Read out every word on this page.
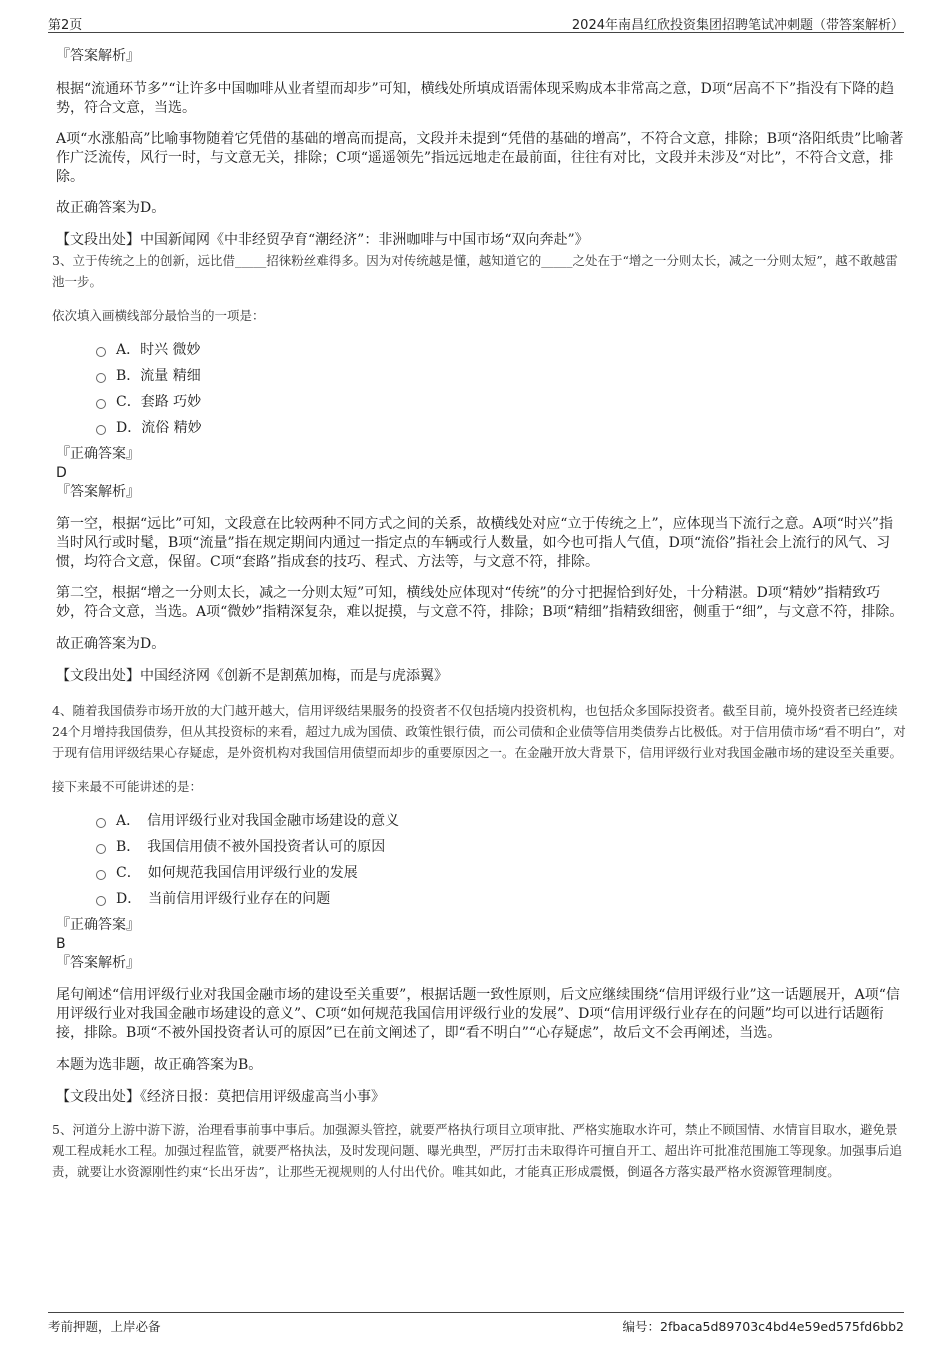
第2页	2024年南昌红欣投资集团招聘笔试冲刺题（带答案解析）

『答案解析』

根据“流通环节多”“让许多中国咖啡从业者望而却步”可知，横线处所填成语需体现采购成本非常高之意，D项“居高不下”指没有下降的趋势，符合文意，当选。

A项“水涨船高”比喻事物随着它凭借的基础的增高而提高，文段并未提到“凭借的基础的增高”，不符合文意，排除；B项“洛阳纸贵”比喻著作广泛流传，风行一时，与文意无关，排除；C项“遥遥领先”指远远地走在最前面，往往有对比，文段并未涉及“对比”，不符合文意，排除。

故正确答案为D。

【文段出处】中国新闻网《中非经贸孕育“潮经济”：非洲咖啡与中国市场“双向奔赴”》

3、立于传统之上的创新，远比借_____招徕粉丝难得多。因为对传统越是懂，越知道它的_____之处在于“增之一分则太长，减之一分则太短”，越不敢越雷池一步。

依次填入画横线部分最恰当的一项是：

A．时兴 微妙
B．流量 精细
C．套路 巧妙
D．流俗 精妙

『正确答案』

D

『答案解析』

第一空，根据“远比”可知，文段意在比较两种不同方式之间的关系，故横线处对应“立于传统之上”，应体现当下流行之意。A项“时兴”指当时风行或时髦，B项“流量”指在规定期间内通过一指定点的车辆或行人数量，如今也可指人气值，D项“流俗”指社会上流行的风气、习惯，均符合文意，保留。C项“套路”指成套的技巧、程式、方法等，与文意不符，排除。

第二空，根据“增之一分则太长，减之一分则太短”可知，横线处应体现对“传统”的分寸把握恰到好处，十分精湛。D项“精妙”指精致巧妙，符合文意，当选。A项“微妙”指精深复杂，难以捉摸，与文意不符，排除；B项“精细”指精致细密，侧重于“细”，与文意不符，排除。

故正确答案为D。

【文段出处】中国经济网《创新不是割蕉加梅，而是与虎添翼》

4、随着我国债券市场开放的大门越开越大，信用评级结果服务的投资者不仅包括境内投资机构，也包括众多国际投资者。截至目前，境外投资者已经连续24个月增持我国债券，但从其投资标的来看，超过九成为国债、政策性银行债，而公司债和企业债等信用类债券占比极低。对于信用债市场“看不明白”，对于现有信用评级结果心存疑虑，是外资机构对我国信用债望而却步的重要原因之一。在金融开放大背景下，信用评级行业对我国金融市场的建设至关重要。

接下来最不可能讲述的是：

A．　信用评级行业对我国金融市场建设的意义
B．　我国信用债不被外国投资者认可的原因
C．　如何规范我国信用评级行业的发展
D．　当前信用评级行业存在的问题

『正确答案』

B

『答案解析』

尾句阐述“信用评级行业对我国金融市场的建设至关重要”，根据话题一致性原则，后文应继续围绕“信用评级行业”这一话题展开，A项“信用评级行业对我国金融市场建设的意义”、C项“如何规范我国信用评级行业的发展”、D项“信用评级行业存在的问题”均可以进行话题衔接，排除。B项“不被外国投资者认可的原因”已在前文阐述了，即“看不明白”“心存疑虑”，故后文不会再阐述，当选。

本题为选非题，故正确答案为B。

【文段出处】《经济日报：莫把信用评级虚高当小事》

5、河道分上游中游下游，治理看事前事中事后。加强源头管控，就要严格执行项目立项审批、严格实施取水许可，禁止不顾国情、水情盲目取水，避免景观工程成耗水工程。加强过程监管，就要严格执法，及时发现问题、曝光典型，严厉打击未取得许可擅自开工、超出许可批准范围施工等现象。加强事后追责，就要让水资源刚性约束“长出牙齿”，让那些无视规则的人付出代价。唯其如此，才能真正形成震慑，倒逼各方落实最严格水资源管理制度。

考前押题，上岸必备	编号：2fbaca5d89703c4bd4e59ed575fd6bb2
